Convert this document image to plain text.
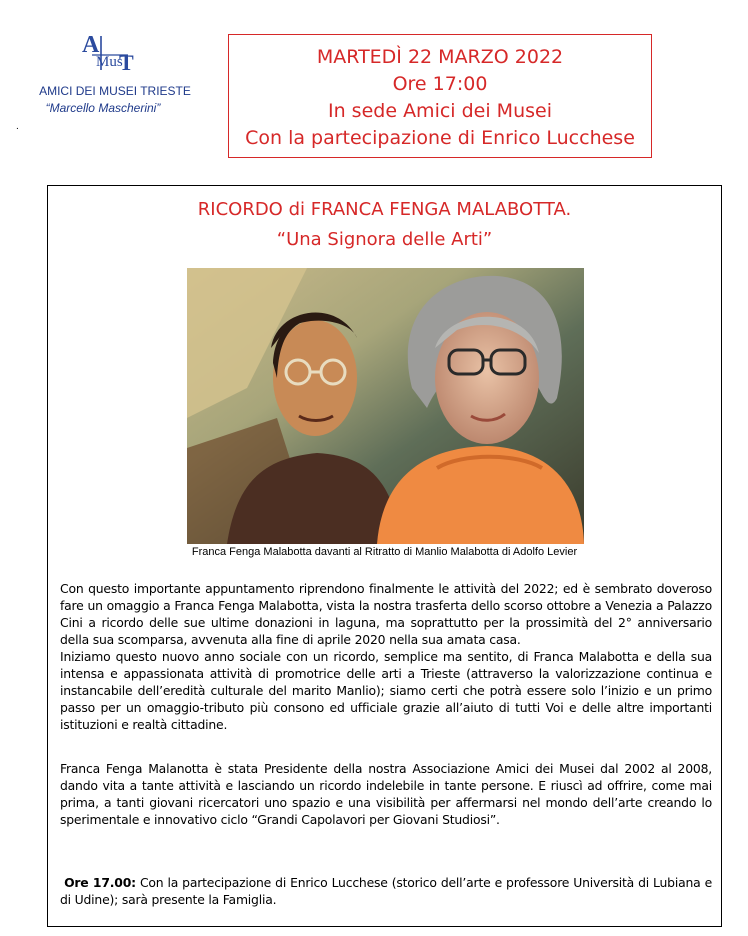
A
Mus
T
AMICI DEI MUSEI TRIESTE
“Marcello Mascherini”
.
MARTEDÌ 22 MARZO 2022
Ore 17:00
In sede Amici dei Musei
Con la partecipazione di Enrico Lucchese
RICORDO di FRANCA FENGA MALABOTTA.
“Una Signora delle Arti”
Franca Fenga Malabotta davanti al Ritratto di Manlio Malabotta di Adolfo Levier
Con questo importante appuntamento riprendono finalmente le attività del 2022; ed è sembrato doveroso fare un omaggio a Franca Fenga Malabotta, vista la nostra trasferta dello scorso ottobre a Venezia a Palazzo Cini a ricordo delle sue ultime donazioni in laguna, ma soprattutto per la prossimità del 2° anniversario della sua scomparsa, avvenuta alla fine di aprile 2020 nella sua amata casa.
Iniziamo questo nuovo anno sociale con un ricordo, semplice ma sentito, di Franca Malabotta e della sua intensa e appassionata attività di promotrice delle arti a Trieste (attraverso la valorizzazione continua e instancabile dell’eredità culturale del marito Manlio); siamo certi che potrà essere solo l’inizio e un primo passo per un omaggio-tributo più consono ed ufficiale grazie all’aiuto di tutti Voi e delle altre importanti istituzioni e realtà cittadine.
Franca Fenga Malanotta è stata Presidente della nostra Associazione Amici dei Musei dal 2002 al 2008, dando vita a tante attività e lasciando un ricordo indelebile in tante persone. E riuscì ad offrire, come mai prima, a tanti giovani ricercatori uno spazio e una visibilità per affermarsi nel mondo dell’arte creando lo sperimentale e innovativo ciclo “Grandi Capolavori per Giovani Studiosi”.
Ore 17.00: Con la partecipazione di Enrico Lucchese (storico dell’arte e professore Università di Lubiana e di Udine); sarà presente la Famiglia.
